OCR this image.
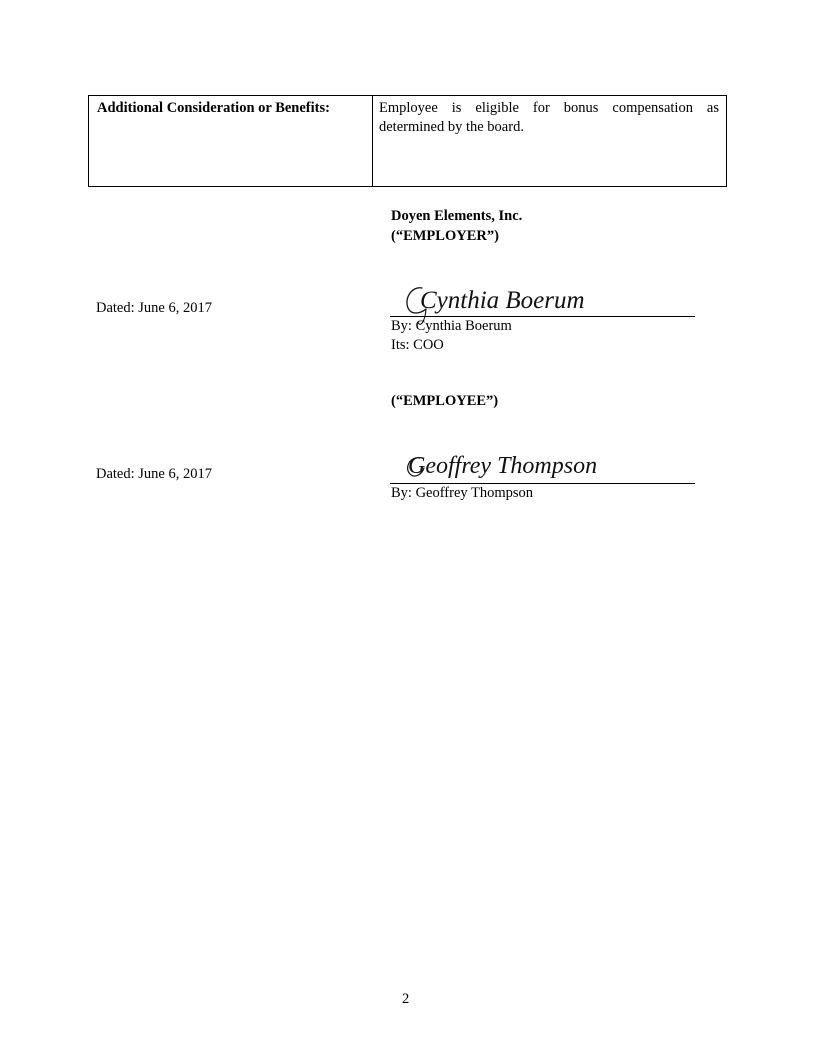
Additional Consideration or Benefits:	Employee is eligible for bonus compensation as determined by the board.
Doyen Elements, Inc.
(“EMPLOYER”)
Dated: June 6, 2017	Cynthia Boerum
By: Cynthia Boerum
Its: COO
(“EMPLOYEE”)
Dated: June 6, 2017	Geoffrey Thompson
By: Geoffrey Thompson
2
